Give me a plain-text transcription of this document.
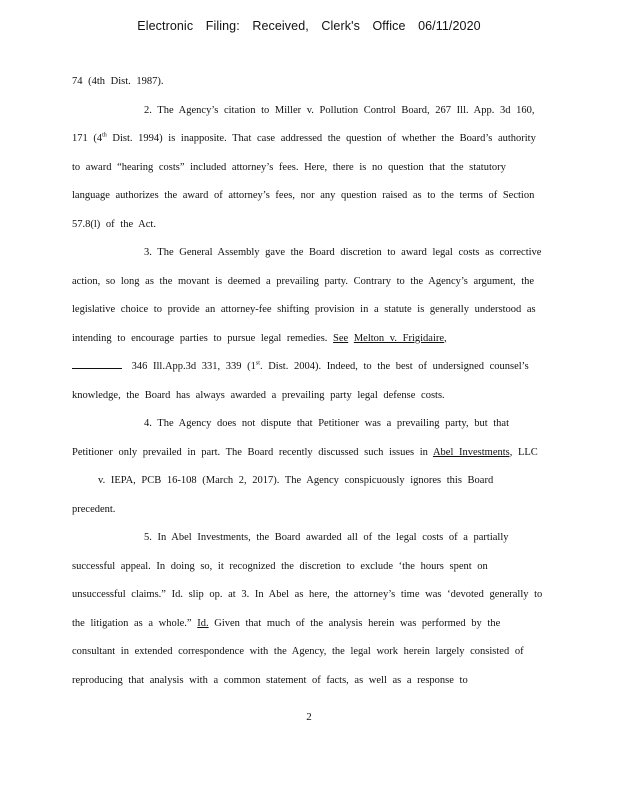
Electronic Filing: Received, Clerk's Office 06/11/2020

74 (4th Dist. 1987).

2. The Agency’s citation to Miller v. Pollution Control Board, 267 Ill. App. 3d 160, 171 (4th Dist. 1994) is inapposite. That case addressed the question of whether the Board’s authority to award “hearing costs” included attorney’s fees. Here, there is no question that the statutory language authorizes the award of attorney’s fees, nor any question raised as to the terms of Section 57.8(l) of the Act.

3. The General Assembly gave the Board discretion to award legal costs as corrective action, so long as the movant is deemed a prevailing party. Contrary to the Agency’s argument, the legislative choice to provide an attorney-fee shifting provision in a statute is generally understood as intending to encourage parties to pursue legal remedies. See Melton v. Frigidaire,
346 Ill.App.3d 331, 339 (1st. Dist. 2004). Indeed, to the best of undersigned counsel’s knowledge, the Board has always awarded a prevailing party legal defense costs.

4. The Agency does not dispute that Petitioner was a prevailing party, but that Petitioner only prevailed in part. The Board recently discussed such issues in Abel Investments, LLC

v. IEPA, PCB 16-108 (March 2, 2017). The Agency conspicuously ignores this Board

precedent.

5. In Abel Investments, the Board awarded all of the legal costs of a partially successful appeal. In doing so, it recognized the discretion to exclude ‘the hours spent on unsuccessful claims.” Id. slip op. at 3. In Abel as here, the attorney’s time was ‘devoted generally to the litigation as a whole.” Id. Given that much of the analysis herein was performed by the consultant in extended correspondence with the Agency, the legal work herein largely consisted of reproducing that analysis with a common statement of facts, as well as a response to

2
